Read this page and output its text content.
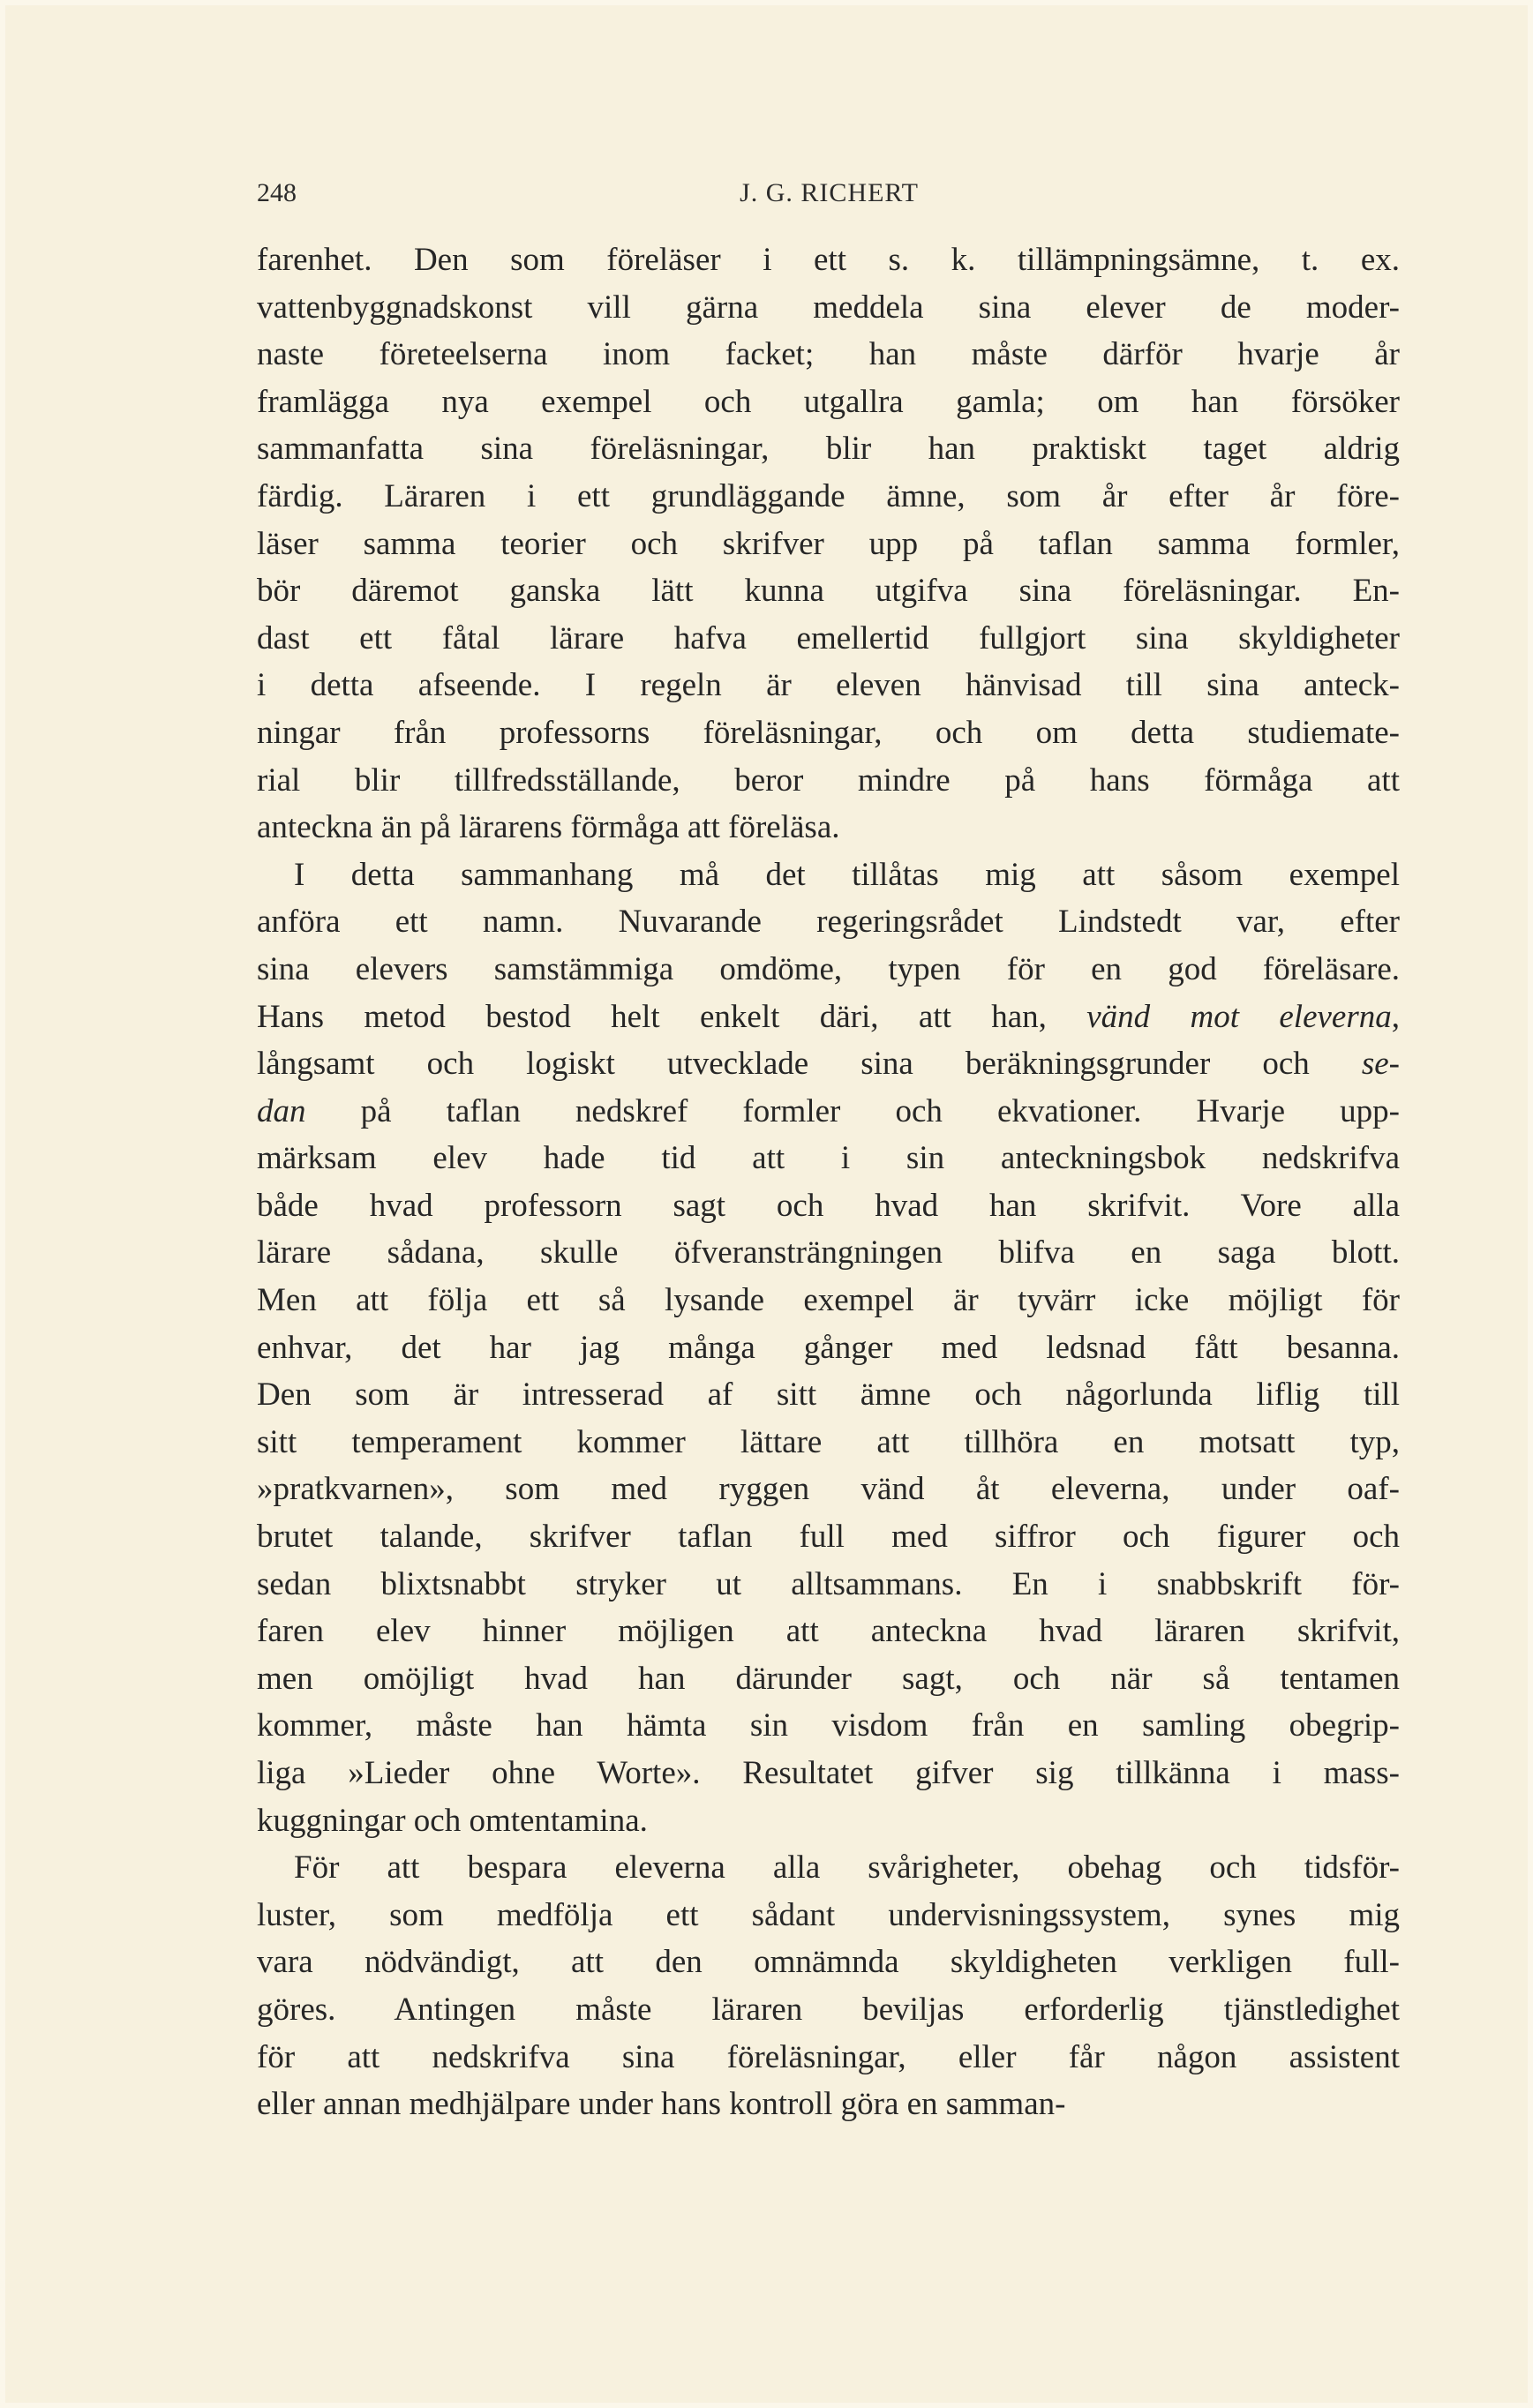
248	J. G. RICHERT
farenhet. Den som föreläser i ett s. k. tillämpningsämne, t. ex.
vattenbyggnadskonst vill gärna meddela sina elever de moder-
naste företeelserna inom facket; han måste därför hvarje år
framlägga nya exempel och utgallra gamla; om han försöker
sammanfatta sina föreläsningar, blir han praktiskt taget aldrig
färdig. Läraren i ett grundläggande ämne, som år efter år före-
läser samma teorier och skrifver upp på taflan samma formler,
bör däremot ganska lätt kunna utgifva sina föreläsningar. En-
dast ett fåtal lärare hafva emellertid fullgjort sina skyldigheter
i detta afseende. I regeln är eleven hänvisad till sina anteck-
ningar från professorns föreläsningar, och om detta studiemate-
rial blir tillfredsställande, beror mindre på hans förmåga att
anteckna än på lärarens förmåga att föreläsa.
I detta sammanhang må det tillåtas mig att såsom exempel
anföra ett namn. Nuvarande regeringsrådet Lindstedt var, efter
sina elevers samstämmiga omdöme, typen för en god föreläsare.
Hans metod bestod helt enkelt däri, att han, vänd mot eleverna,
långsamt och logiskt utvecklade sina beräkningsgrunder och se-
dan på taflan nedskref formler och ekvationer. Hvarje upp-
märksam elev hade tid att i sin anteckningsbok nedskrifva
både hvad professorn sagt och hvad han skrifvit. Vore alla
lärare sådana, skulle öfveransträngningen blifva en saga blott.
Men att följa ett så lysande exempel är tyvärr icke möjligt för
enhvar, det har jag många gånger med ledsnad fått besanna.
Den som är intresserad af sitt ämne och någorlunda liflig till
sitt temperament kommer lättare att tillhöra en motsatt typ,
»pratkvarnen», som med ryggen vänd åt eleverna, under oaf-
brutet talande, skrifver taflan full med siffror och figurer och
sedan blixtsnabbt stryker ut alltsammans. En i snabbskrift för-
faren elev hinner möjligen att anteckna hvad läraren skrifvit,
men omöjligt hvad han därunder sagt, och när så tentamen
kommer, måste han hämta sin visdom från en samling obegrip-
liga »Lieder ohne Worte». Resultatet gifver sig tillkänna i mass-
kuggningar och omtentamina.
För att bespara eleverna alla svårigheter, obehag och tidsför-
luster, som medfölja ett sådant undervisningssystem, synes mig
vara nödvändigt, att den omnämnda skyldigheten verkligen full-
göres. Antingen måste läraren beviljas erforderlig tjänstledighet
för att nedskrifva sina föreläsningar, eller får någon assistent
eller annan medhjälpare under hans kontroll göra en samman-
